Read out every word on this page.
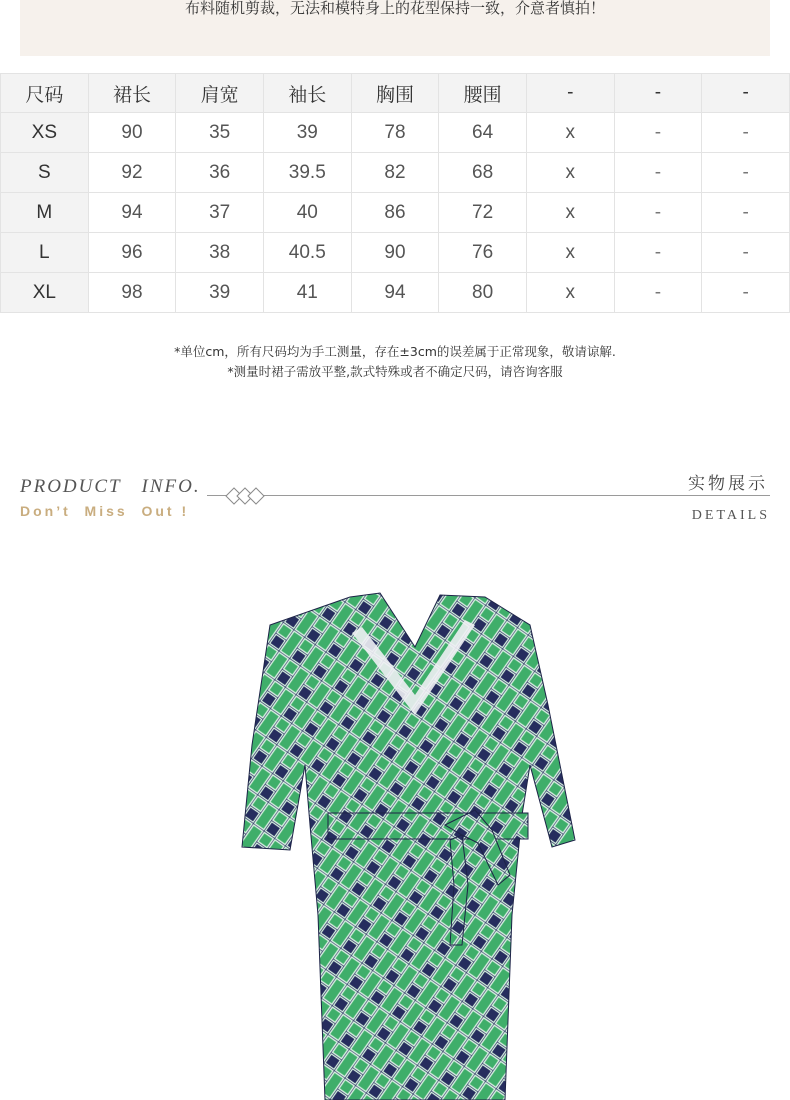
布料随机剪裁，无法和模特身上的花型保持一致，介意者慎拍！
尺码	裙长	肩宽	袖长	胸围	腰围	-	-	-
XS	90	35	39	78	64	x	-	-
S	92	36	39.5	82	68	x	-	-
M	94	37	40	86	72	x	-	-
L	96	38	40.5	90	76	x	-	-
XL	98	39	41	94	80	x	-	-
*单位cm，所有尺码均为手工测量，存在±3cm的误差属于正常现象，敬请谅解.
*测量时裙子需放平整,款式特殊或者不确定尺码，请咨询客服
PRODUCT   INFO.
Don’t  Miss  Out !
实物展示
DETAILS
